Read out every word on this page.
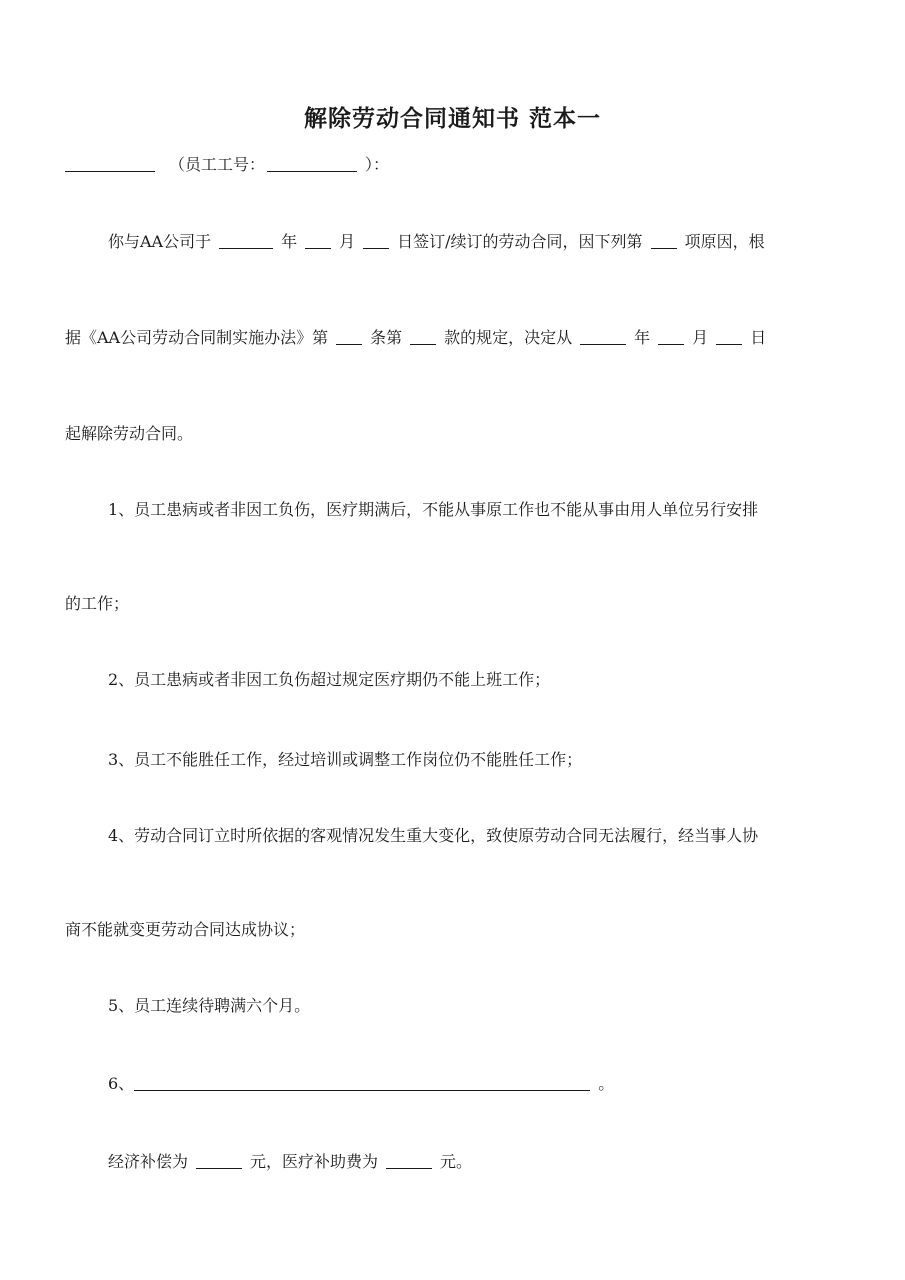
解除劳动合同通知书 范本一
（员工工号：	）：
你与AA公司于	年	月	日签订/续订的劳动合同，因下列第	项原因，根
据《AA公司劳动合同制实施办法》第	条第	款的规定，决定从	年	月	日
起解除劳动合同。
1、员工患病或者非因工负伤，医疗期满后，不能从事原工作也不能从事由用人单位另行安排
的工作；
2、员工患病或者非因工负伤超过规定医疗期仍不能上班工作；
3、员工不能胜任工作，经过培训或调整工作岗位仍不能胜任工作；
4、劳动合同订立时所依据的客观情况发生重大变化，致使原劳动合同无法履行，经当事人协
商不能就变更劳动合同达成协议；
5、员工连续待聘满六个月。
6、	。
经济补偿为	元，医疗补助费为	元。
